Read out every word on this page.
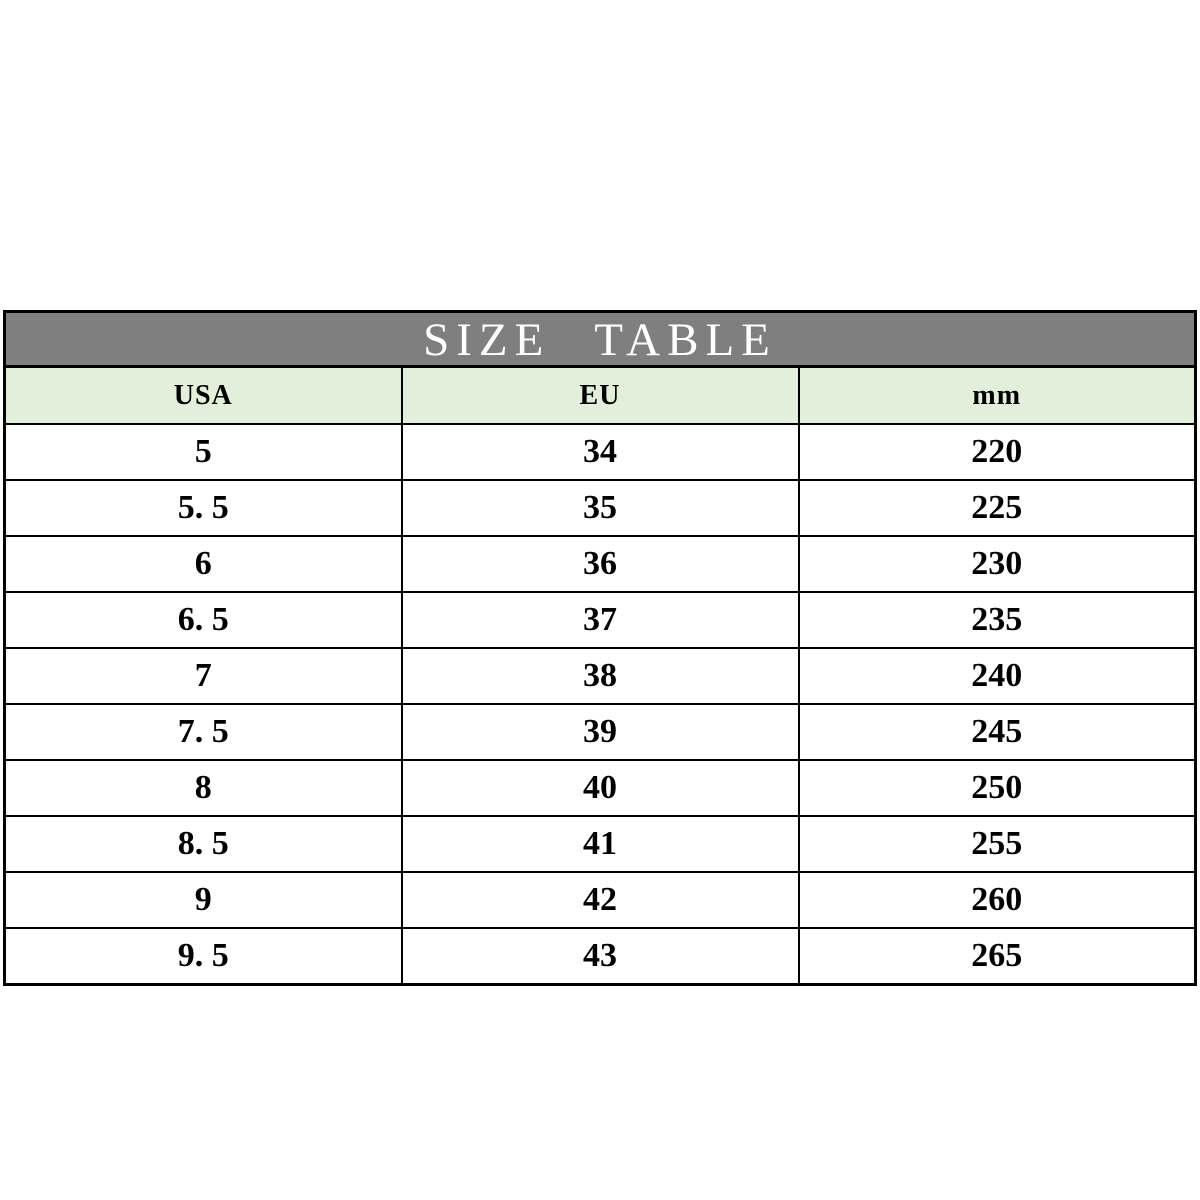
SIZE TABLE
USA	EU	mm
5	34	220
5. 5	35	225
6	36	230
6. 5	37	235
7	38	240
7. 5	39	245
8	40	250
8. 5	41	255
9	42	260
9. 5	43	265
